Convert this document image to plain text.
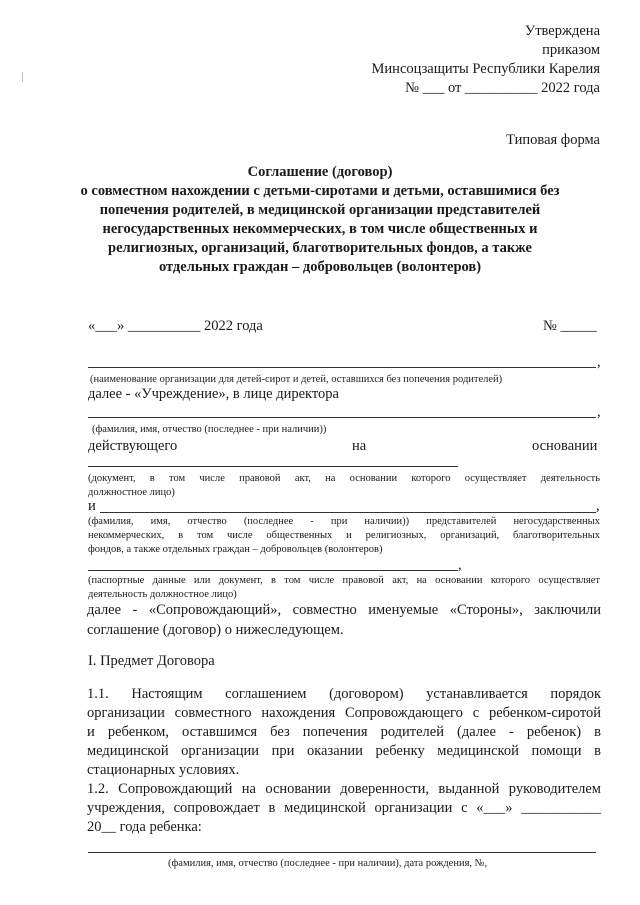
Утверждена
приказом
Минсоцзащиты Республики Карелия
№ ___ от __________ 2022 года
Типовая форма
Соглашение (договор)
о совместном нахождении с детьми-сиротами и детьми, оставшимися без
попечения родителей, в медицинской организации представителей
негосударственных некоммерческих, в том числе общественных и
религиозных, организаций, благотворительных фондов, а также
отдельных граждан – добровольцев (волонтеров)
«___» __________ 2022 года	№ _____
,
(наименование организации для детей-сирот и детей, оставшихся без попечения родителей)
далее - «Учреждение», в лице директора
,
(фамилия, имя, отчество (последнее - при наличии))
действующего	на	основании
(документ, в том числе правовой акт, на основании которого осуществляет деятельность
должностное лицо)
и	,
(фамилия, имя, отчество (последнее - при наличии)) представителей негосударственных
некоммерческих, в том числе общественных и религиозных, организаций, благотворительных
фондов, а также отдельных граждан – добровольцев (волонтеров)
,
(паспортные данные или документ, в том числе правовой акт, на основании которого осуществляет
деятельность должностное лицо)
далее - «Сопровождающий», совместно именуемые «Стороны», заключили
соглашение (договор) о нижеследующем.
I. Предмет Договора
1.1. Настоящим соглашением (договором) устанавливается порядок
организации совместного нахождения Сопровождающего с ребенком-сиротой
и ребенком, оставшимся без попечения родителей (далее - ребенок) в
медицинской организации при оказании ребенку медицинской помощи в
стационарных условиях.
1.2. Сопровождающий на основании доверенности, выданной руководителем
учреждения, сопровождает в медицинской организации с «___» ___________
20__ года ребенка:
(фамилия, имя, отчество (последнее - при наличии), дата рождения, №,
